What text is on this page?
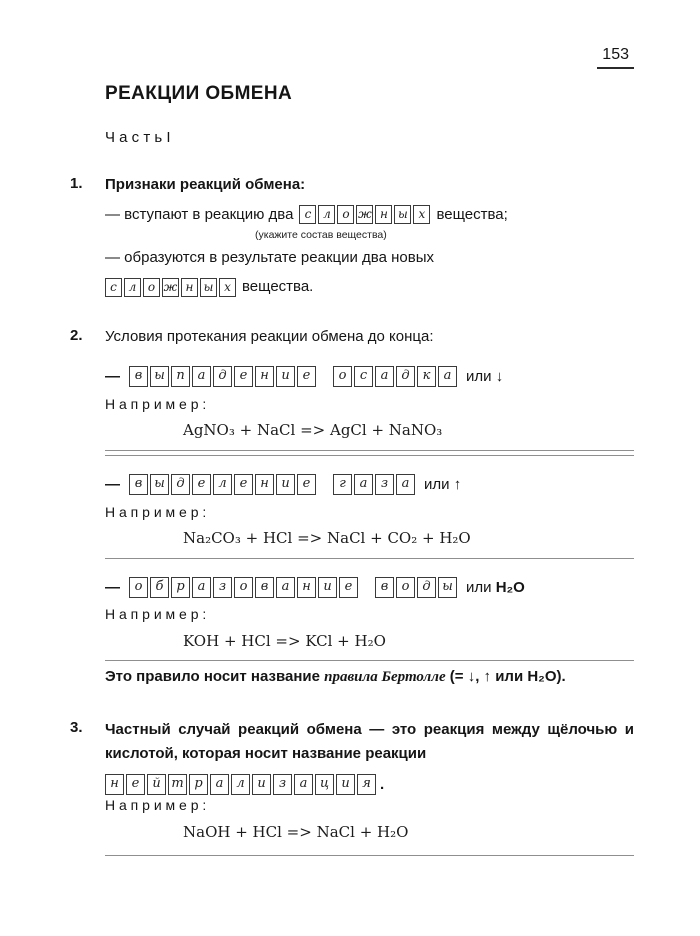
153
РЕАКЦИИ ОБМЕНА
Ч а с т ь I
1.	Признаки реакций обмена:

— вступают в реакцию два с л о ж н ы х вещества;
(укажите состав вещества)

— образуются в результате реакции два новых

с л о ж н ы х вещества.
2.	Условия протекания реакции обмена до конца:

—	в ы п а	д	е н и е	о	с	а	д к	а или ↓

Н а п р и м е р :

AgNO₃ + NaCl => AgCl + NaNO₃
—	в ы д	е	л	е н и е	г	а	з	а или ↑

Н а п р и м е р :

Na₂CO₃ + HCl => NaCl + CO₂ + H₂O
—	о	б р а	з	о	в	а н и е	в	о д ы или H₂O

Н а п р и м е р :

KOH + HCl => KCl + H₂O

Это правило носит название правила Бертолле (= ↓, ↑ или H₂O).

3.	Частный случай реакций обмена — это реакция между щёлочью и кислотой, которая носит название реакции

н е й т р а л и	з	а ц и я .

Н а п р и м е р :

NaOH + HCl => NaCl + H₂O
